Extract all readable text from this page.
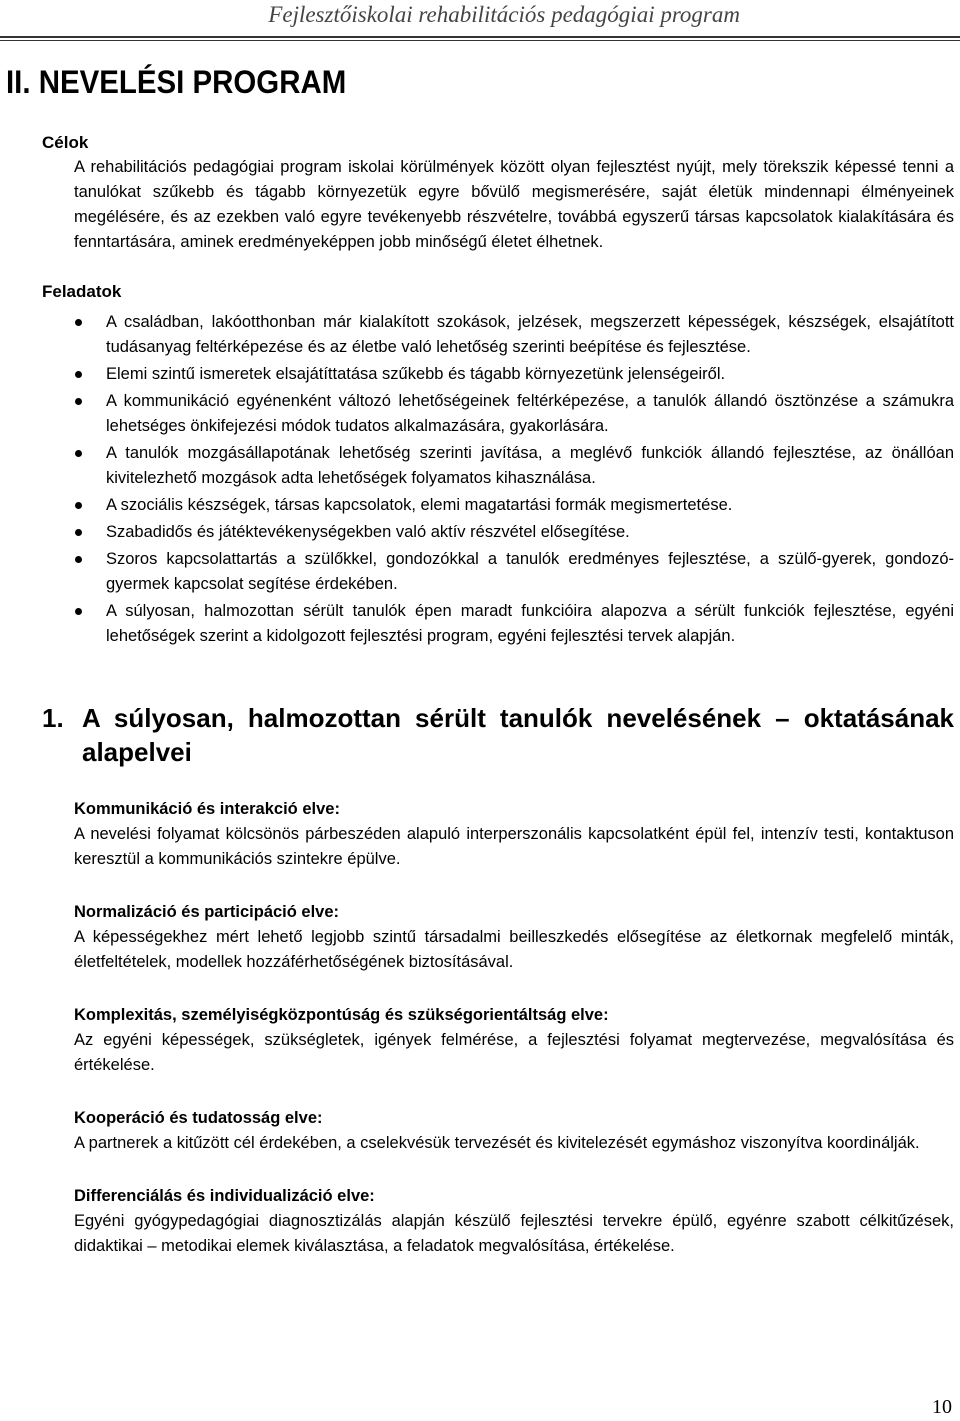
Fejlesztőiskolai rehabilitációs pedagógiai program
II. NEVELÉSI PROGRAM

Célok

A rehabilitációs pedagógiai program iskolai körülmények között olyan fejlesztést nyújt, mely törekszik képessé tenni a tanulókat szűkebb és tágabb környezetük egyre bővülő megismerésére, saját életük mindennapi élményeinek megélésére, és az ezekben való egyre tevékenyebb részvételre, továbbá egyszerű társas kapcsolatok kialakítására és fenntartására, aminek eredményeképpen jobb minőségű életet élhetnek.

Feladatok

A családban, lakóotthonban már kialakított szokások, jelzések, megszerzett képességek, készségek, elsajátított tudásanyag feltérképezése és az életbe való lehetőség szerinti beépítése és fejlesztése.
Elemi szintű ismeretek elsajátíttatása szűkebb és tágabb környezetünk jelenségeiről.
A kommunikáció egyénenként változó lehetőségeinek feltérképezése, a tanulók állandó ösztönzése a számukra lehetséges önkifejezési módok tudatos alkalmazására, gyakorlására.
A tanulók mozgásállapotának lehetőség szerinti javítása, a meglévő funkciók állandó fejlesztése, az önállóan kivitelezhető mozgások adta lehetőségek folyamatos kihasználása.
A szociális készségek, társas kapcsolatok, elemi magatartási formák megismertetése.
Szabadidős és játéktevékenységekben való aktív részvétel elősegítése.
Szoros kapcsolattartás a szülőkkel, gondozókkal a tanulók eredményes fejlesztése, a szülő-gyerek, gondozó-gyermek kapcsolat segítése érdekében.
A súlyosan, halmozottan sérült tanulók épen maradt funkcióira alapozva a sérült funkciók fejlesztése, egyéni lehetőségek szerint a kidolgozott fejlesztési program, egyéni fejlesztési tervek alapján.
1. A súlyosan, halmozottan sérült tanulók nevelésének – oktatásának alapelvei

Kommunikáció és interakció elve:

A nevelési folyamat kölcsönös párbeszéden alapuló interperszonális kapcsolatként épül fel, intenzív testi, kontaktuson keresztül a kommunikációs szintekre épülve.

Normalizáció és participáció elve:

A képességekhez mért lehető legjobb szintű társadalmi beilleszkedés elősegítése az életkornak megfelelő minták, életfeltételek, modellek hozzáférhetőségének biztosításával.

Komplexitás, személyiségközpontúság és szükségorientáltság elve:

Az egyéni képességek, szükségletek, igények felmérése, a fejlesztési folyamat megtervezése, megvalósítása és értékelése.

Kooperáció és tudatosság elve:

A partnerek a kitűzött cél érdekében, a cselekvésük tervezését és kivitelezését egymáshoz viszonyítva koordinálják.

Differenciálás és individualizáció elve:

Egyéni gyógypedagógiai diagnosztizálás alapján készülő fejlesztési tervekre épülő, egyénre szabott célkitűzések, didaktikai – metodikai elemek kiválasztása, a feladatok megvalósítása, értékelése.

10
